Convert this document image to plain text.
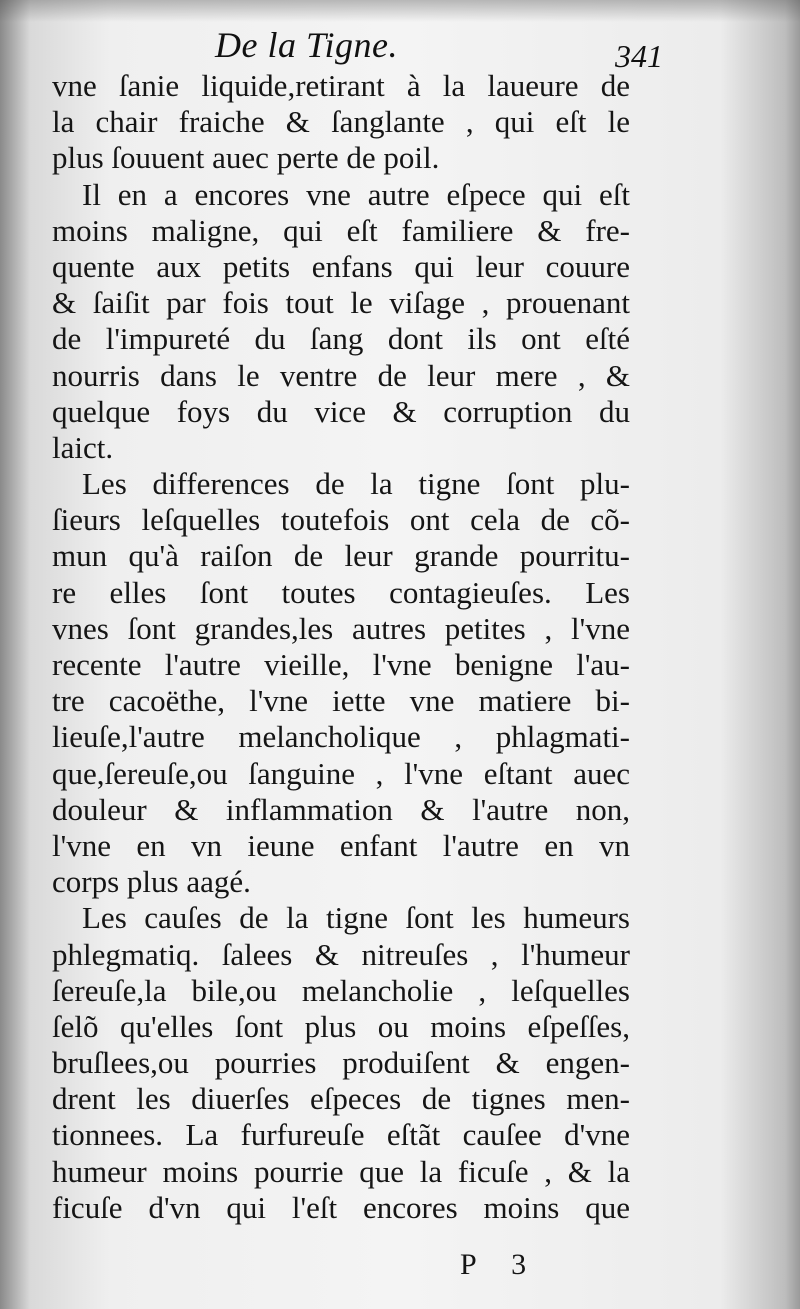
De la Tigne.	341
vne ſanie liquide,retirant à la laueure de
la chair fraiche & ſanglante , qui eſt le
plus ſouuent auec perte de poil.
Il en a encores vne autre eſpece qui eſt
moins maligne, qui eſt familiere & fre-
quente aux petits enfans qui leur couure
& ſaiſit par fois tout le viſage , prouenant
de l'impureté du ſang dont ils ont eſté
nourris dans le ventre de leur mere , &
quelque foys du vice & corruption du
laict.
Les differences de la tigne ſont plu-
ſieurs leſquelles toutefois ont cela de cõ-
mun qu'à raiſon de leur grande pourritu-
re elles ſont toutes contagieuſes. Les
vnes ſont grandes,les autres petites , l'vne
recente l'autre vieille, l'vne benigne l'au-
tre cacoëthe, l'vne iette vne matiere bi-
lieuſe,l'autre melancholique , phlagmati-
que,ſereuſe,ou ſanguine , l'vne eſtant auec
douleur & inflammation & l'autre non,
l'vne en vn ieune enfant l'autre en vn
corps plus aagé.
Les cauſes de la tigne ſont les humeurs
phlegmatiq. ſalees & nitreuſes , l'humeur
ſereuſe,la bile,ou melancholie , leſquelles
ſelõ qu'elles ſont plus ou moins eſpeſſes,
bruſlees,ou pourries produiſent & engen-
drent les diuerſes eſpeces de tignes men-
tionnees. La furfureuſe eſtãt cauſee d'vne
humeur moins pourrie que la ficuſe , & la
ficuſe d'vn qui l'eſt encores moins que
P 3
